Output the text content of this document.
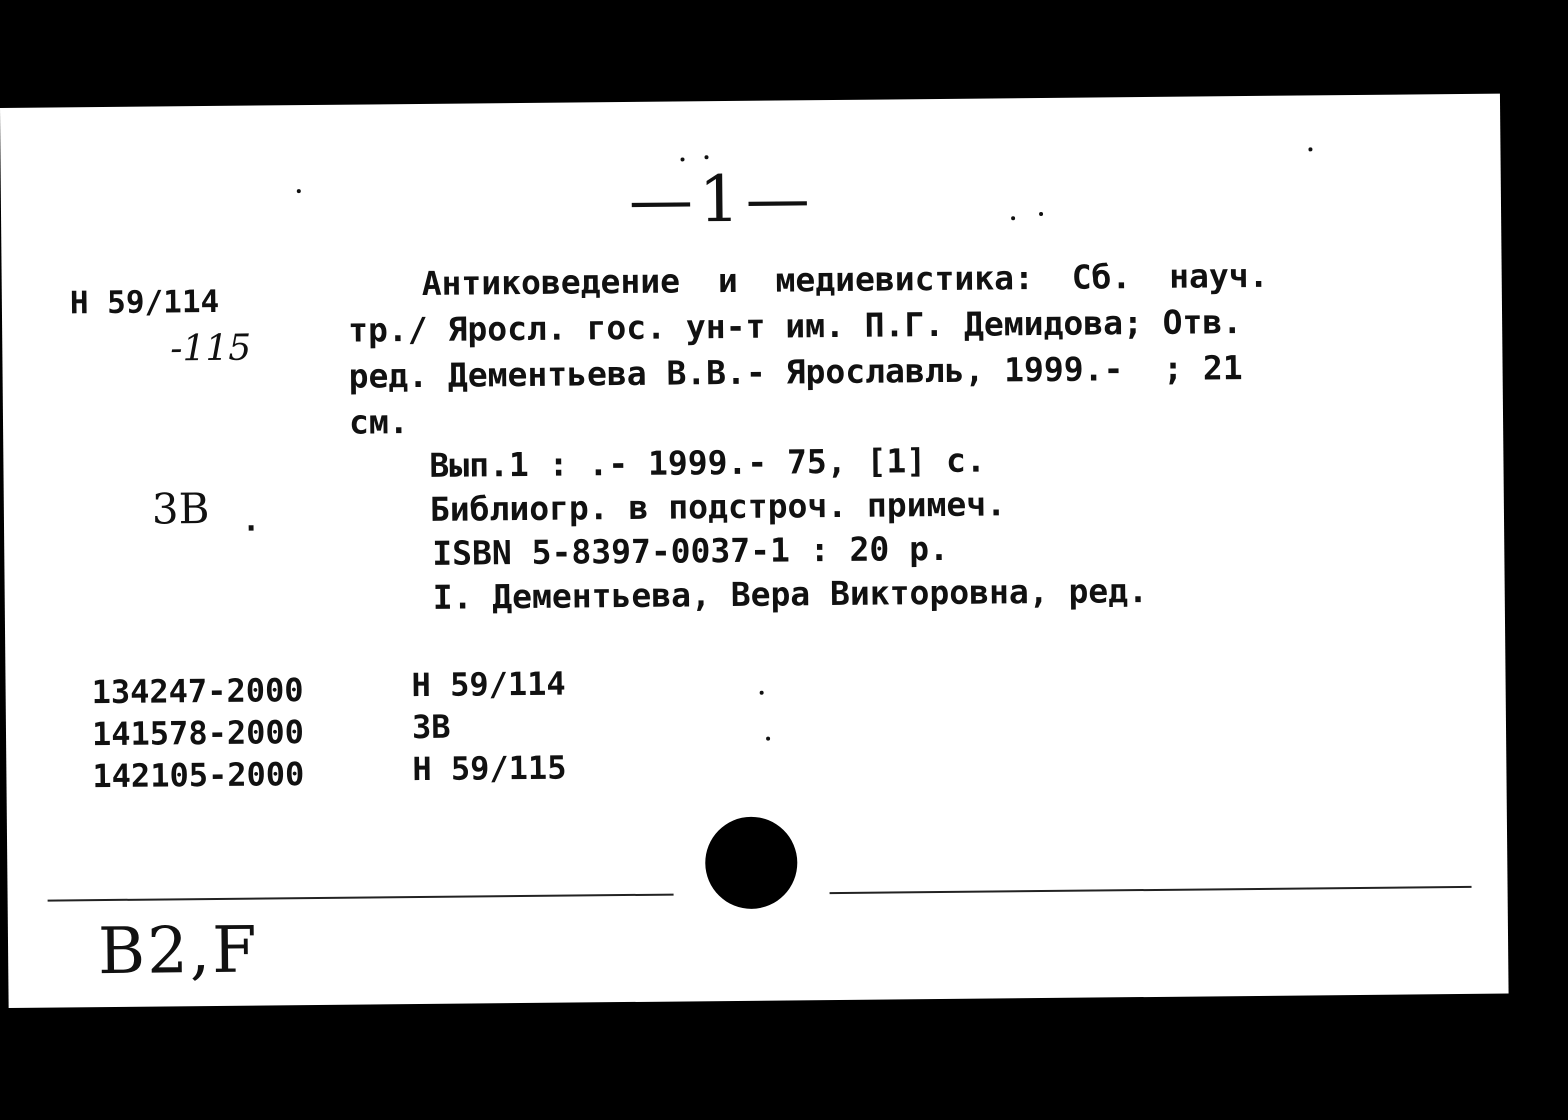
—1—
Н 59/114
-115
3В .
Антиковедение и медиевистика: Сб. науч.
тр./ Яросл. гос. ун-т им. П.Г. Демидова; Отв.
ред. Дементьева В.В.- Ярославль, 1999.-  ; 21
см.
Вып.1 : .- 1999.- 75, [1] с.
Библиогр. в подстроч. примеч.
ISBN 5-8397-0037-1 : 20 р.
I. Дементьева, Вера Викторовна, ред.
134247-2000	Н 59/114
141578-2000	3В
142105-2000	Н 59/115
В2,F
